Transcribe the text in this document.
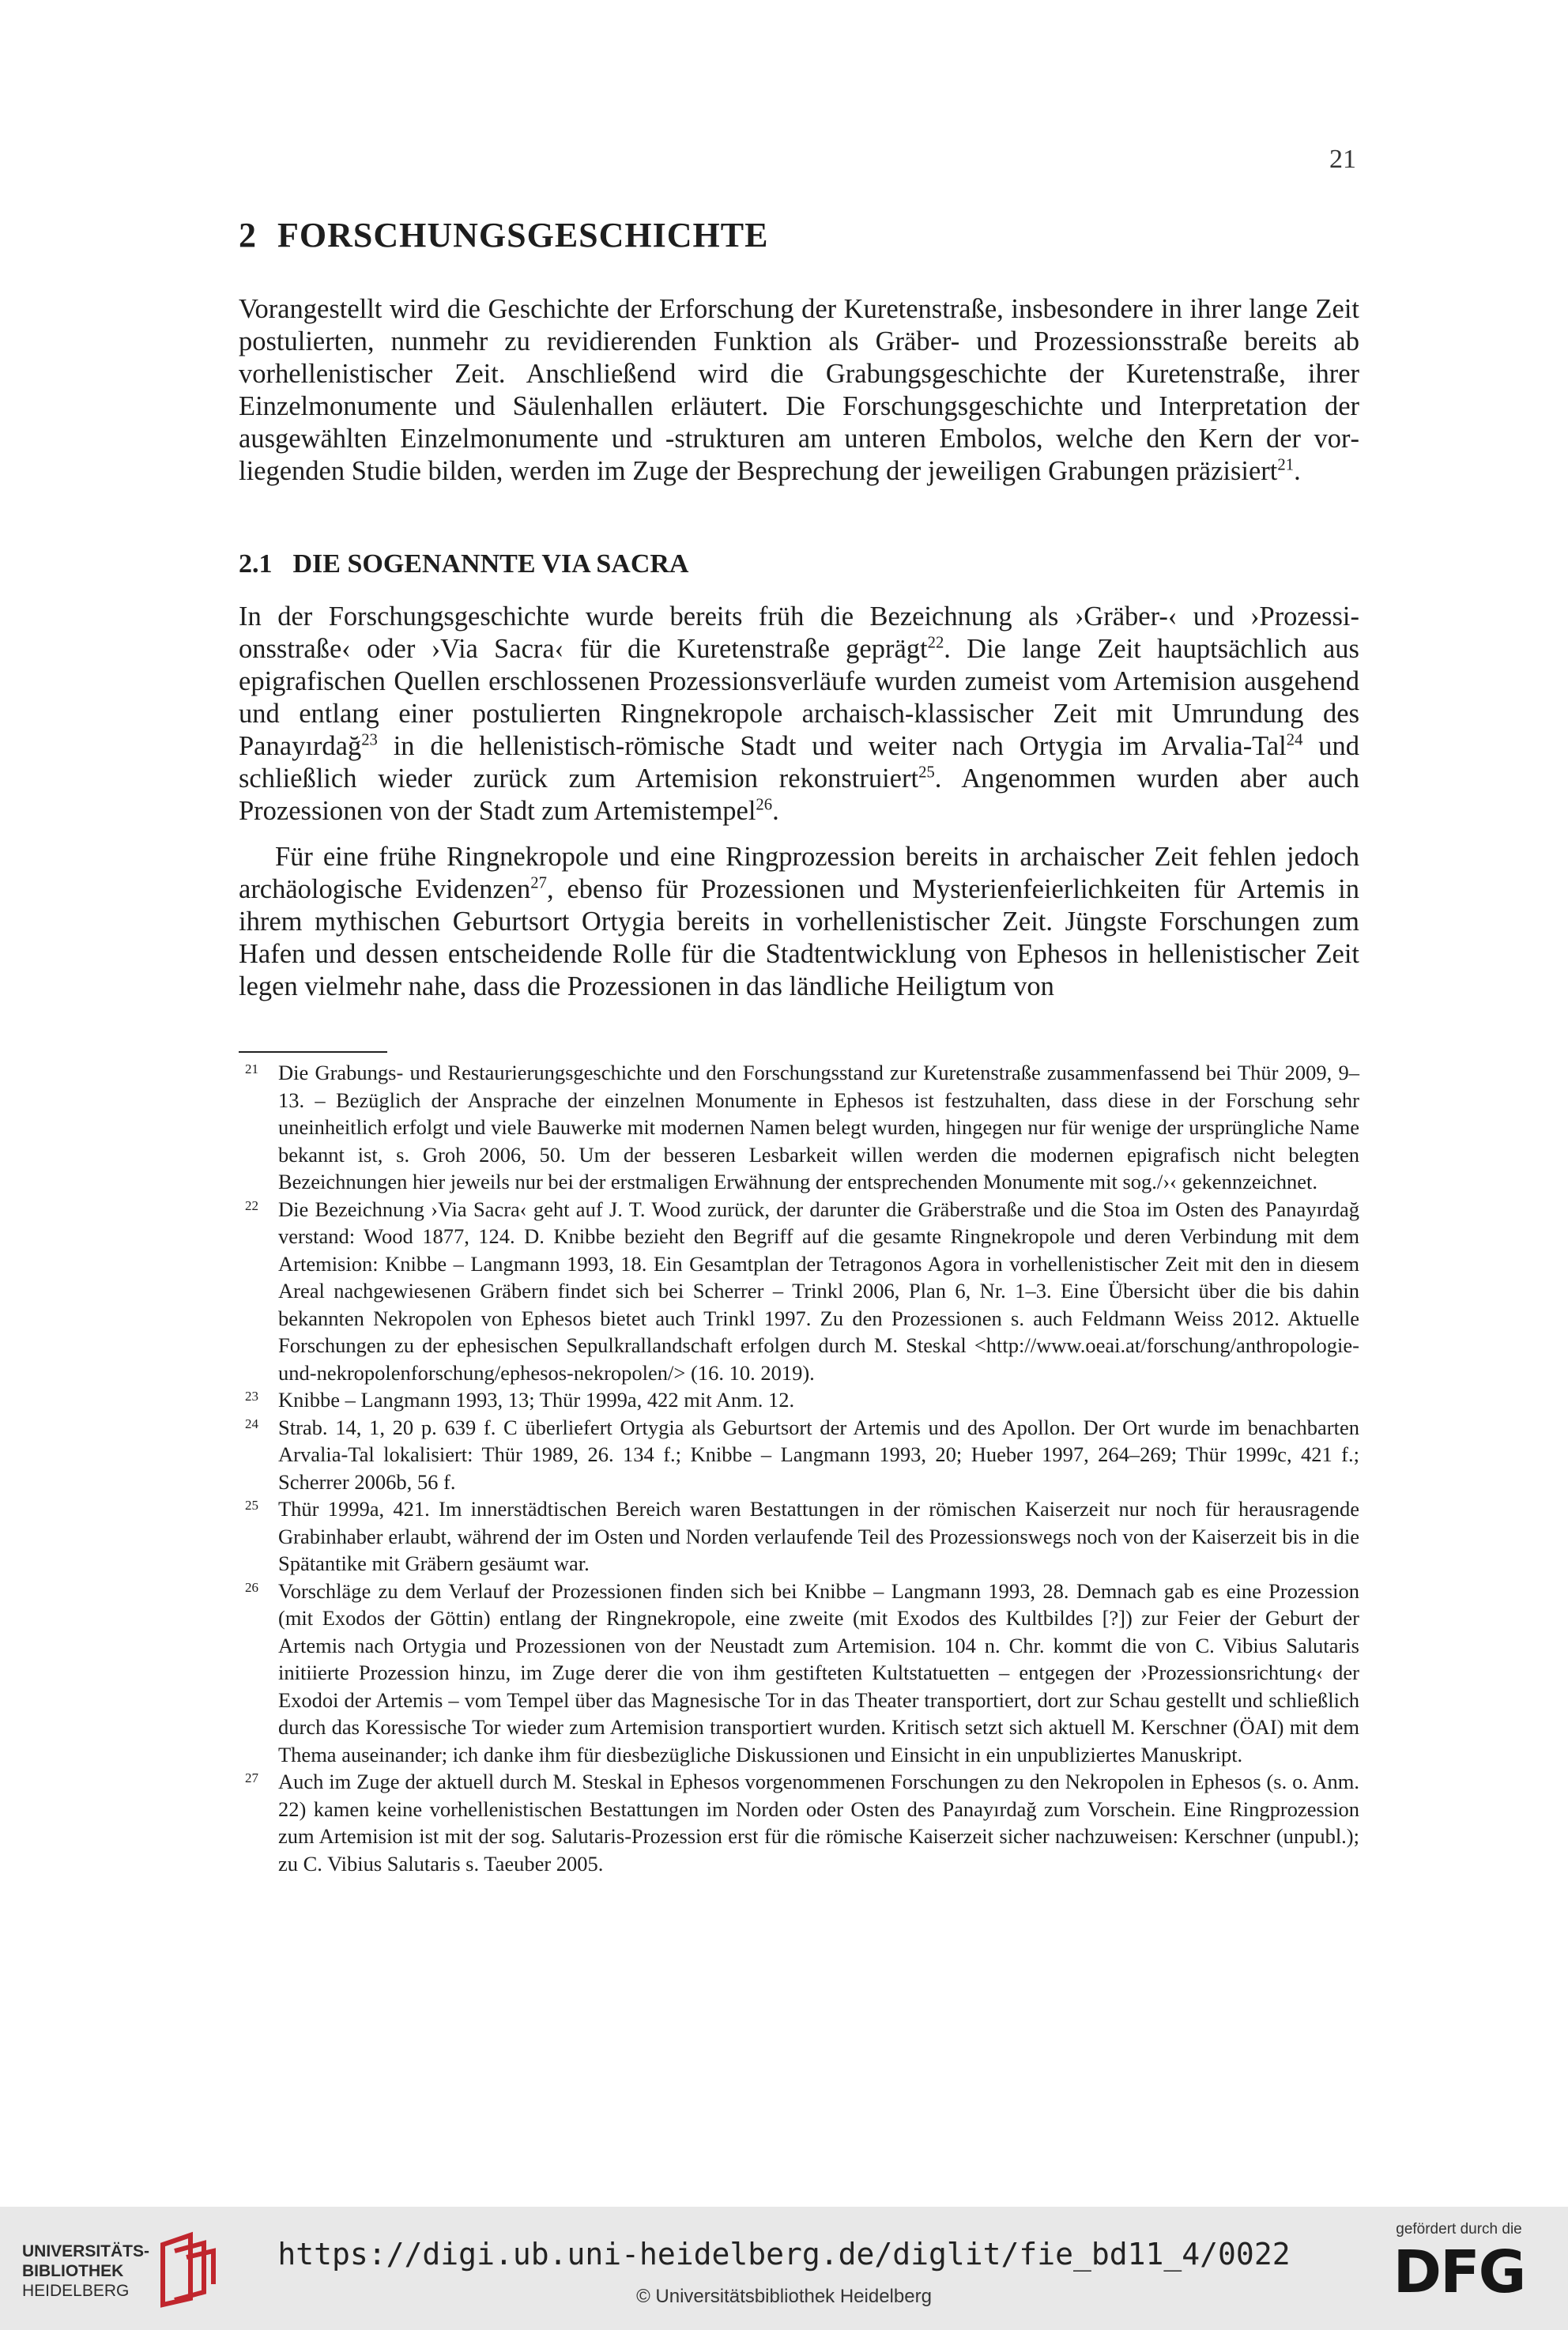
21
2 FORSCHUNGSGESCHICHTE

Vorangestellt wird die Geschichte der Erforschung der Kuretenstraße, insbesondere in ihrer lange Zeit postulierten, nunmehr zu revidierenden Funktion als Gräber- und Prozessionsstraße bereits ab vorhellenistischer Zeit. Anschließend wird die Grabungsgeschichte der Kuretenstraße, ihrer Einzelmonumente und Säulenhallen erläutert. Die Forschungsgeschichte und Interpretation der ausgewählten Einzelmonumente und -strukturen am unteren Embolos, welche den Kern der vorliegenden Studie bilden, werden im Zuge der Besprechung der jeweiligen Grabungen präzisiert$^{21}$.

2.1 DIE SOGENANNTE VIA SACRA

In der Forschungsgeschichte wurde bereits früh die Bezeichnung als ›Gräber-‹ und ›Prozessionsstraße‹ oder ›Via Sacra‹ für die Kuretenstraße geprägt$^{22}$. Die lange Zeit hauptsächlich aus epigrafischen Quellen erschlossenen Prozessionsverläufe wurden zumeist vom Artemision ausgehend und entlang einer postulierten Ringnekropole archaisch-klassischer Zeit mit Umrundung des Panayırdağ$^{23}$ in die hellenistisch-römische Stadt und weiter nach Ortygia im Arvalia-Tal$^{24}$ und schließlich wieder zurück zum Artemision rekonstruiert$^{25}$. Angenommen wurden aber auch Prozessionen von der Stadt zum Artemistempel$^{26}$.

Für eine frühe Ringnekropole und eine Ringprozession bereits in archaischer Zeit fehlen jedoch archäologische Evidenzen$^{27}$, ebenso für Prozessionen und Mysterienfeierlichkeiten für Artemis in ihrem mythischen Geburtsort Ortygia bereits in vorhellenistischer Zeit. Jüngste Forschungen zum Hafen und dessen entscheidende Rolle für die Stadtentwicklung von Ephesos in hellenistischer Zeit legen vielmehr nahe, dass die Prozessionen in das ländliche Heiligtum von

21 Die Grabungs- und Restaurierungsgeschichte und den Forschungsstand zur Kuretenstraße zusammenfassend bei Thür 2009, 9–13. – Bezüglich der Ansprache der einzelnen Monumente in Ephesos ist festzuhalten, dass diese in der Forschung sehr uneinheitlich erfolgt und viele Bauwerke mit modernen Namen belegt wurden, hingegen nur für wenige der ursprüngliche Name bekannt ist, s. Groh 2006, 50. Um der besseren Lesbarkeit willen werden die modernen epigrafisch nicht belegten Bezeichnungen hier jeweils nur bei der erstmaligen Erwähnung der entsprechenden Monumente mit sog./›‹ gekennzeichnet.
22 Die Bezeichnung ›Via Sacra‹ geht auf J. T. Wood zurück, der darunter die Gräberstraße und die Stoa im Osten des Panayırdağ verstand: Wood 1877, 124. D. Knibbe bezieht den Begriff auf die gesamte Ringnekropole und deren Verbindung mit dem Artemision: Knibbe – Langmann 1993, 18. Ein Gesamtplan der Tetragonos Agora in vorhellenistischer Zeit mit den in diesem Areal nachgewiesenen Gräbern findet sich bei Scherrer – Trinkl 2006, Plan 6, Nr. 1–3. Eine Übersicht über die bis dahin bekannten Nekropolen von Ephesos bietet auch Trinkl 1997. Zu den Prozessionen s. auch Feldmann Weiss 2012. Aktuelle Forschungen zu der ephesischen Sepulkrallandschaft erfolgen durch M. Steskal <http://www.oeai.at/forschung/anthropologie-und-nekropolenforschung/ephesos-nekropolen/> (16. 10. 2019).
23 Knibbe – Langmann 1993, 13; Thür 1999a, 422 mit Anm. 12.
24 Strab. 14, 1, 20 p. 639 f. C überliefert Ortygia als Geburtsort der Artemis und des Apollon. Der Ort wurde im benachbarten Arvalia-Tal lokalisiert: Thür 1989, 26. 134 f.; Knibbe – Langmann 1993, 20; Hueber 1997, 264–269; Thür 1999c, 421 f.; Scherrer 2006b, 56 f.
25 Thür 1999a, 421. Im innerstädtischen Bereich waren Bestattungen in der römischen Kaiserzeit nur noch für herausragende Grabinhaber erlaubt, während der im Osten und Norden verlaufende Teil des Prozessionswegs noch von der Kaiserzeit bis in die Spätantike mit Gräbern gesäumt war.
26 Vorschläge zu dem Verlauf der Prozessionen finden sich bei Knibbe – Langmann 1993, 28. Demnach gab es eine Prozession (mit Exodos der Göttin) entlang der Ringnekropole, eine zweite (mit Exodos des Kultbildes [?]) zur Feier der Geburt der Artemis nach Ortygia und Prozessionen von der Neustadt zum Artemision. 104 n. Chr. kommt die von C. Vibius Salutaris initiierte Prozession hinzu, im Zuge derer die von ihm gestifteten Kultstatuetten – entgegen der ›Prozessionsrichtung‹ der Exodoi der Artemis – vom Tempel über das Magnesische Tor in das Theater transportiert, dort zur Schau gestellt und schließlich durch das Koressische Tor wieder zum Artemision transportiert wurden. Kritisch setzt sich aktuell M. Kerschner (ÖAI) mit dem Thema auseinander; ich danke ihm für diesbezügliche Diskussionen und Einsicht in ein unpubliziertes Manuskript.
27 Auch im Zuge der aktuell durch M. Steskal in Ephesos vorgenommenen Forschungen zu den Nekropolen in Ephesos (s. o. Anm. 22) kamen keine vorhellenistischen Bestattungen im Norden oder Osten des Panayırdağ zum Vorschein. Eine Ringprozession zum Artemision ist mit der sog. Salutaris-Prozession erst für die römische Kaiserzeit sicher nachzuweisen: Kerschner (unpubl.); zu C. Vibius Salutaris s. Taeuber 2005.
UNIVERSITÄTS-
BIBLIOTHEK
HEIDELBERG
https://digi.ub.uni-heidelberg.de/diglit/fie_bd11_4/0022
© Universitätsbibliothek Heidelberg
gefördert durch die
DFG
